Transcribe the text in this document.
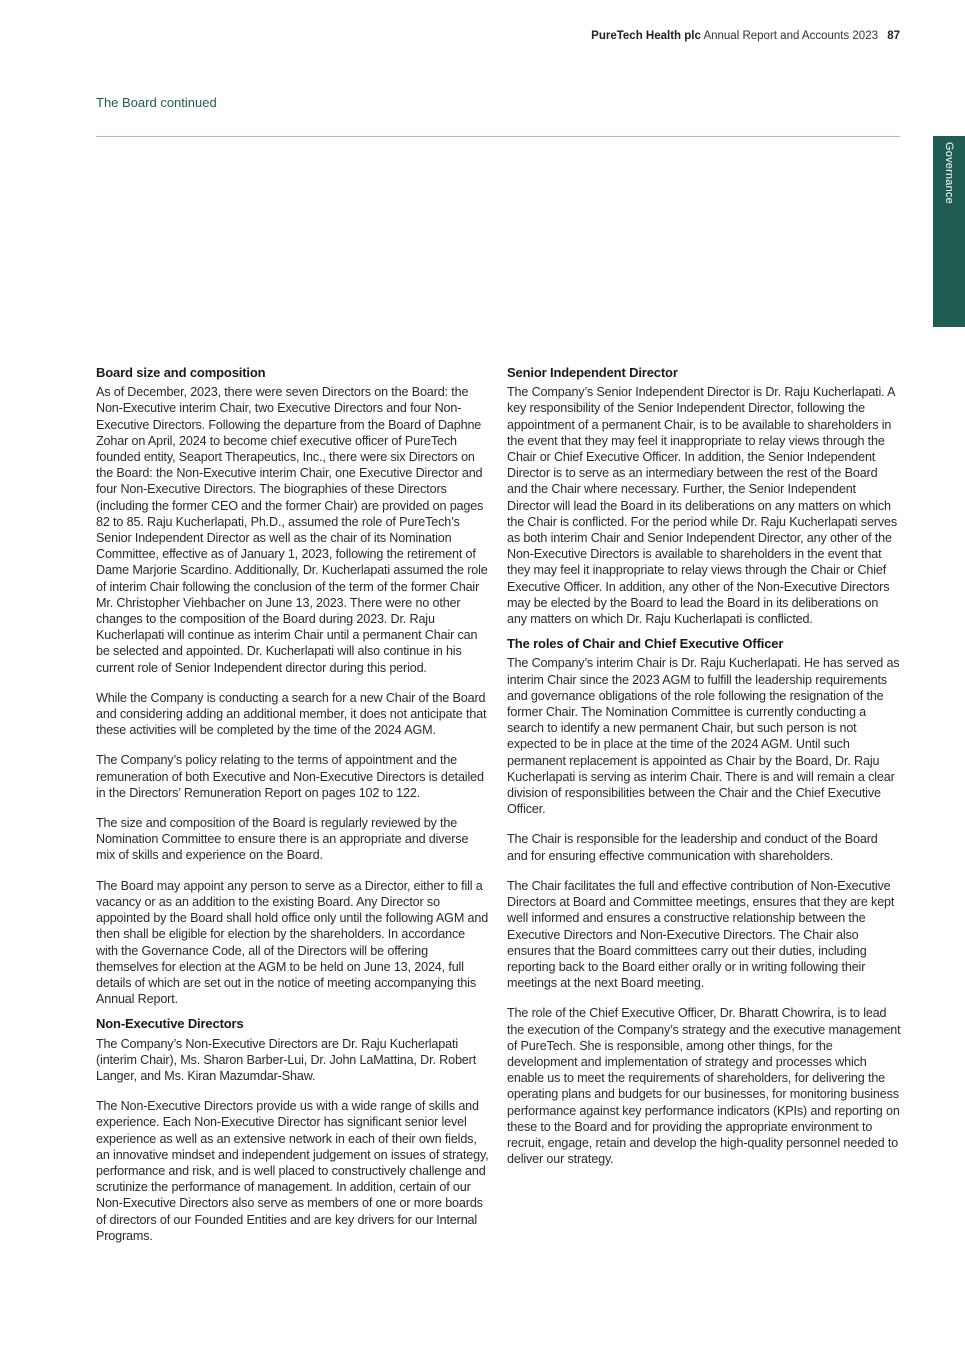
PureTech Health plc Annual Report and Accounts 2023 87
The Board continued
Governance
Board size and composition

As of December, 2023, there were seven Directors on the Board: the Non-Executive interim Chair, two Executive Directors and four Non-Executive Directors. Following the departure from the Board of Daphne Zohar on April, 2024 to become chief executive officer of PureTech founded entity, Seaport Therapeutics, Inc., there were six Directors on the Board: the Non-Executive interim Chair, one Executive Director and four Non-Executive Directors. The biographies of these Directors (including the former CEO and the former Chair) are provided on pages 82 to 85. Raju Kucherlapati, Ph.D., assumed the role of PureTech’s Senior Independent Director as well as the chair of its Nomination Committee, effective as of January 1, 2023, following the retirement of Dame Marjorie Scardino. Additionally, Dr. Kucherlapati assumed the role of interim Chair following the conclusion of the term of the former Chair Mr. Christopher Viehbacher on June 13, 2023. There were no other changes to the composition of the Board during 2023. Dr. Raju Kucherlapati will continue as interim Chair until a permanent Chair can be selected and appointed. Dr. Kucherlapati will also continue in his current role of Senior Independent director during this period.

While the Company is conducting a search for a new Chair of the Board and considering adding an additional member, it does not anticipate that these activities will be completed by the time of the 2024 AGM.

The Company’s policy relating to the terms of appointment and the remuneration of both Executive and Non-Executive Directors is detailed in the Directors’ Remuneration Report on pages 102 to 122.

The size and composition of the Board is regularly reviewed by the Nomination Committee to ensure there is an appropriate and diverse mix of skills and experience on the Board.

The Board may appoint any person to serve as a Director, either to fill a vacancy or as an addition to the existing Board. Any Director so appointed by the Board shall hold office only until the following AGM and then shall be eligible for election by the shareholders. In accordance with the Governance Code, all of the Directors will be offering themselves for election at the AGM to be held on June 13, 2024, full details of which are set out in the notice of meeting accompanying this Annual Report.

Non-Executive Directors

The Company’s Non-Executive Directors are Dr. Raju Kucherlapati (interim Chair), Ms. Sharon Barber-Lui, Dr. John LaMattina, Dr. Robert Langer, and Ms. Kiran Mazumdar-Shaw.

The Non-Executive Directors provide us with a wide range of skills and experience. Each Non-Executive Director has significant senior level experience as well as an extensive network in each of their own fields, an innovative mindset and independent judgement on issues of strategy, performance and risk, and is well placed to constructively challenge and scrutinize the performance of management. In addition, certain of our Non-Executive Directors also serve as members of one or more boards of directors of our Founded Entities and are key drivers for our Internal Programs.

Senior Independent Director

The Company’s Senior Independent Director is Dr. Raju Kucherlapati. A key responsibility of the Senior Independent Director, following the appointment of a permanent Chair, is to be available to shareholders in the event that they may feel it inappropriate to relay views through the Chair or Chief Executive Officer. In addition, the Senior Independent Director is to serve as an intermediary between the rest of the Board and the Chair where necessary. Further, the Senior Independent Director will lead the Board in its deliberations on any matters on which the Chair is conflicted. For the period while Dr. Raju Kucherlapati serves as both interim Chair and Senior Independent Director, any other of the Non-Executive Directors is available to shareholders in the event that they may feel it inappropriate to relay views through the Chair or Chief Executive Officer. In addition, any other of the Non-Executive Directors may be elected by the Board to lead the Board in its deliberations on any matters on which Dr. Raju Kucherlapati is conflicted.

The roles of Chair and Chief Executive Officer

The Company’s interim Chair is Dr. Raju Kucherlapati. He has served as interim Chair since the 2023 AGM to fulfill the leadership requirements and governance obligations of the role following the resignation of the former Chair. The Nomination Committee is currently conducting a search to identify a new permanent Chair, but such person is not expected to be in place at the time of the 2024 AGM. Until such permanent replacement is appointed as Chair by the Board, Dr. Raju Kucherlapati is serving as interim Chair. There is and will remain a clear division of responsibilities between the Chair and the Chief Executive Officer.

The Chair is responsible for the leadership and conduct of the Board and for ensuring effective communication with shareholders.

The Chair facilitates the full and effective contribution of Non-Executive Directors at Board and Committee meetings, ensures that they are kept well informed and ensures a constructive relationship between the Executive Directors and Non-Executive Directors. The Chair also ensures that the Board committees carry out their duties, including reporting back to the Board either orally or in writing following their meetings at the next Board meeting.

The role of the Chief Executive Officer, Dr. Bharatt Chowrira, is to lead the execution of the Company’s strategy and the executive management of PureTech. She is responsible, among other things, for the development and implementation of strategy and processes which enable us to meet the requirements of shareholders, for delivering the operating plans and budgets for our businesses, for monitoring business performance against key performance indicators (KPIs) and reporting on these to the Board and for providing the appropriate environment to recruit, engage, retain and develop the high-quality personnel needed to deliver our strategy.
